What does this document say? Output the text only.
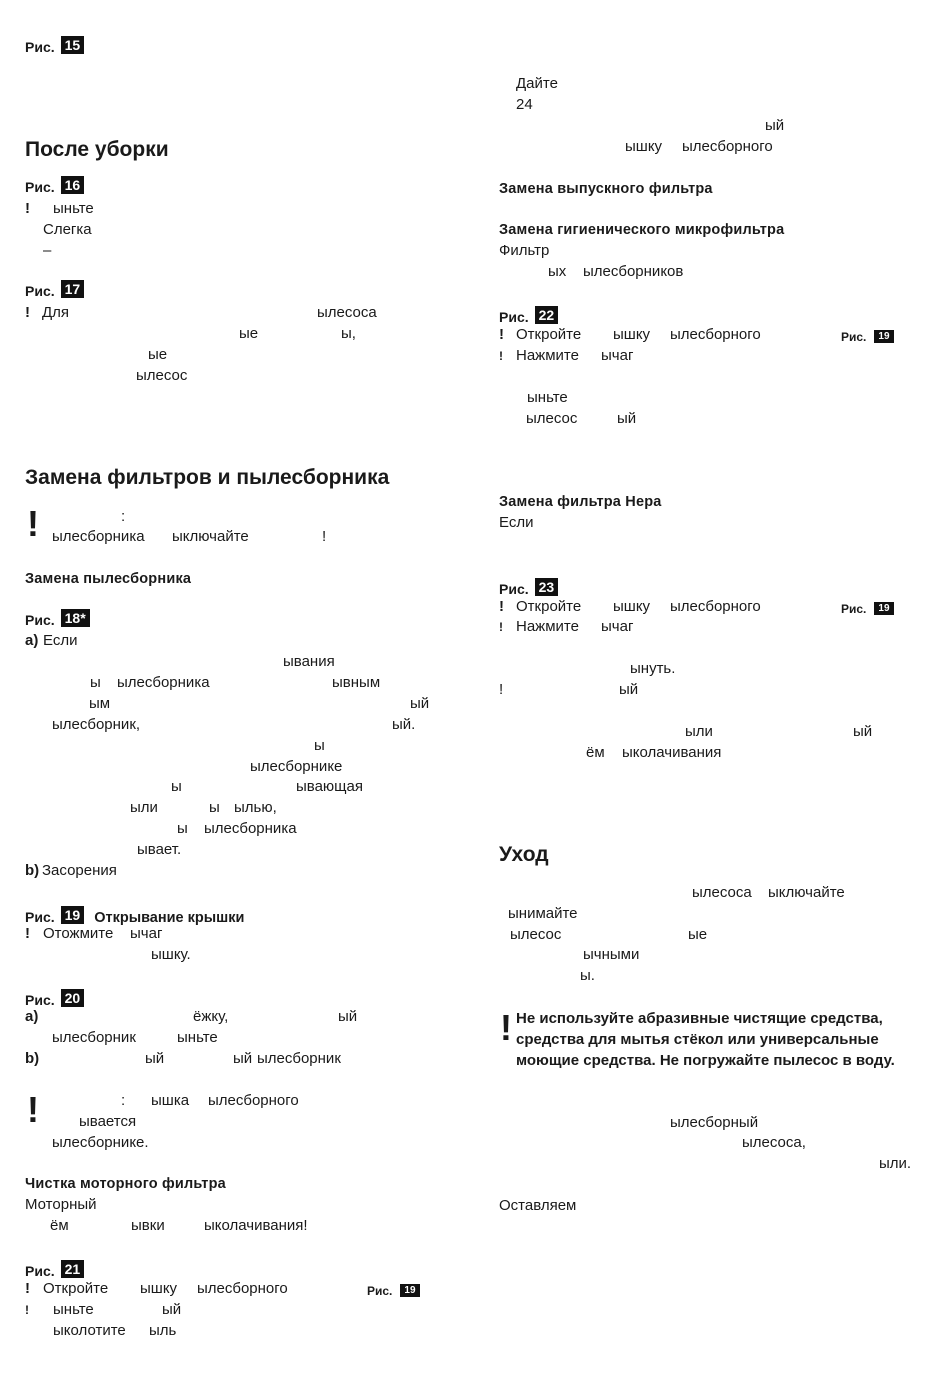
Рис. 15
После уборки
Рис. 16
! ыньте
Слегка
–
Рис. 17
! Для	ылесоса
ые	ы,
ые
ылесос
Замена фильтров и пылесборника
!	:
ылесборника ыключайте	!
Замена пылесборника
Рис. 18*
a) Если
ывания
ы ылесборника	ывным
ым	ый
ылесборник,	ый.
ы
ылесборнике
ы	ывающая
ыли	ы ылью,
ы ылесборника
ывает.
b) Засорения
Рис. 19 Открывание крышки
! Отожмите ычаг
ышку.
Рис. 20
a)	ёжку,	ый
ылесборник	ыньте
b)	ый	ый ылесборник
!	: ышка ылесборного
ывается
ылесборнике.
Чистка моторного фильтра
Моторный
ём	ывки	ыколачивания!
Рис. 21
! Откройте ышку ылесборного	Рис. 19
! ыньте	ый
ыколотите ыль
Дайте
24
ый
ышку ылесборного
Замена выпускного фильтра
Замена гигиенического микрофильтра
Фильтр
ых ылесборников
Рис. 22
! Откройте ышку ылесборного	Рис. 19
! Нажмите ычаг
ыньте
ылесос	ый
Замена фильтра Hepa
Если
Рис. 23
! Откройте ышку ылесборного	Рис. 19
! Нажмите ычаг
ынуть.
!	ый
ыли	ый
ём ыколачивания
Уход
ылесоса ыключайте
ынимайте
ылесос	ые
ычными
ы.
! Не используйте абразивные чистящие средства, средства для мытья стёкол или универсальные моющие средства. Не погружайте пылесос в воду.
ылесборный
ылесоса,
ыли.
Оставляем
